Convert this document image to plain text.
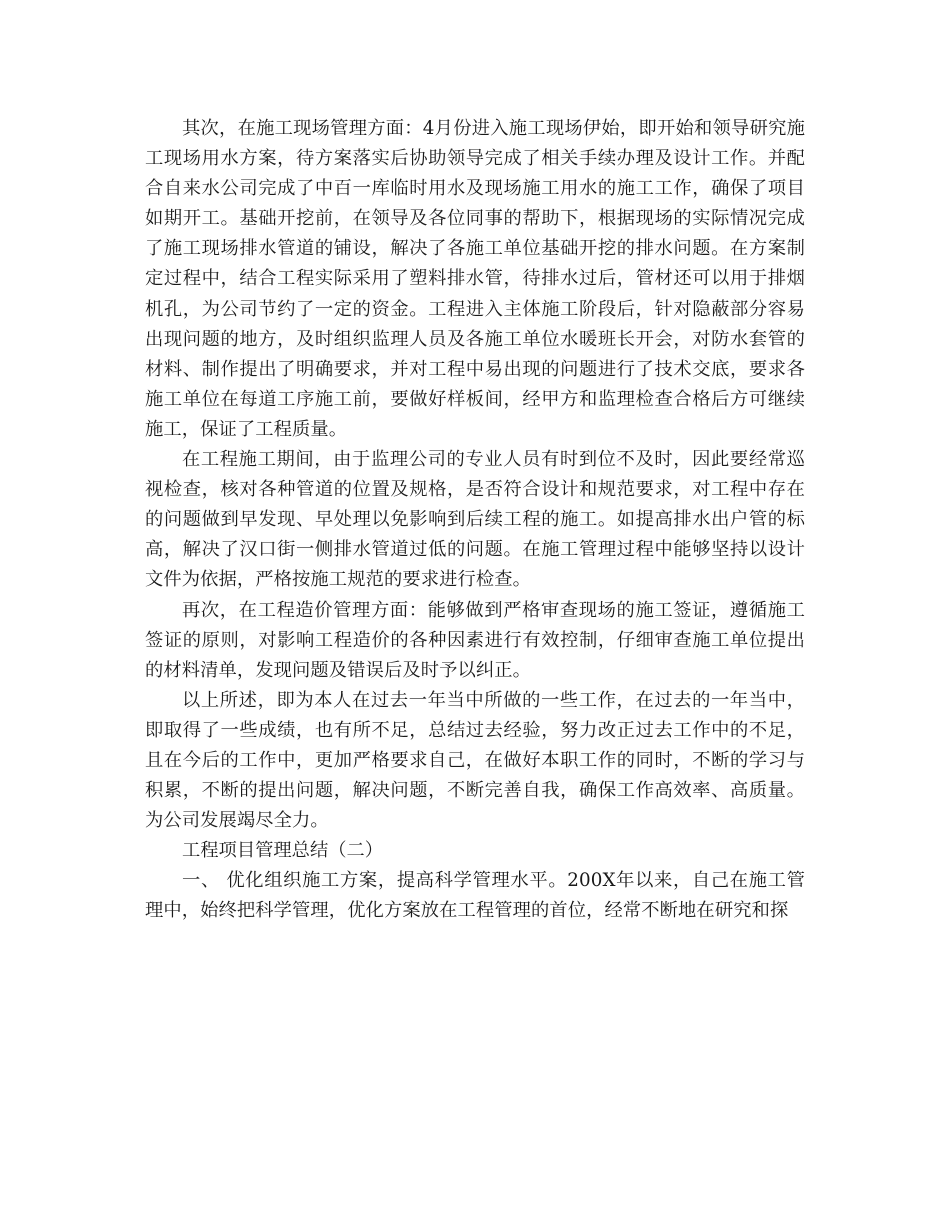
其次，在施工现场管理方面：4月份进入施工现场伊始，即开始和领导研究施工现场用水方案，待方案落实后协助领导完成了相关手续办理及设计工作。并配合自来水公司完成了中百一库临时用水及现场施工用水的施工工作，确保了项目如期开工。基础开挖前，在领导及各位同事的帮助下，根据现场的实际情况完成了施工现场排水管道的铺设，解决了各施工单位基础开挖的排水问题。在方案制定过程中，结合工程实际采用了塑料排水管，待排水过后，管材还可以用于排烟机孔，为公司节约了一定的资金。工程进入主体施工阶段后，针对隐蔽部分容易出现问题的地方，及时组织监理人员及各施工单位水暖班长开会，对防水套管的材料、制作提出了明确要求，并对工程中易出现的问题进行了技术交底，要求各施工单位在每道工序施工前，要做好样板间，经甲方和监理检查合格后方可继续施工，保证了工程质量。

在工程施工期间，由于监理公司的专业人员有时到位不及时，因此要经常巡视检查，核对各种管道的位置及规格，是否符合设计和规范要求，对工程中存在的问题做到早发现、早处理以免影响到后续工程的施工。如提高排水出户管的标高，解决了汉口街一侧排水管道过低的问题。在施工管理过程中能够坚持以设计文件为依据，严格按施工规范的要求进行检查。

再次，在工程造价管理方面：能够做到严格审查现场的施工签证，遵循施工签证的原则，对影响工程造价的各种因素进行有效控制，仔细审查施工单位提出的材料清单，发现问题及错误后及时予以纠正。

以上所述，即为本人在过去一年当中所做的一些工作，在过去的一年当中，即取得了一些成绩，也有所不足，总结过去经验，努力改正过去工作中的不足，且在今后的工作中，更加严格要求自己，在做好本职工作的同时，不断的学习与积累，不断的提出问题，解决问题，不断完善自我，确保工作高效率、高质量。为公司发展竭尽全力。

工程项目管理总结（二）

一、 优化组织施工方案，提高科学管理水平。200X年以来，自己在施工管理中，始终把科学管理，优化方案放在工程管理的首位，经常不断地在研究和探
